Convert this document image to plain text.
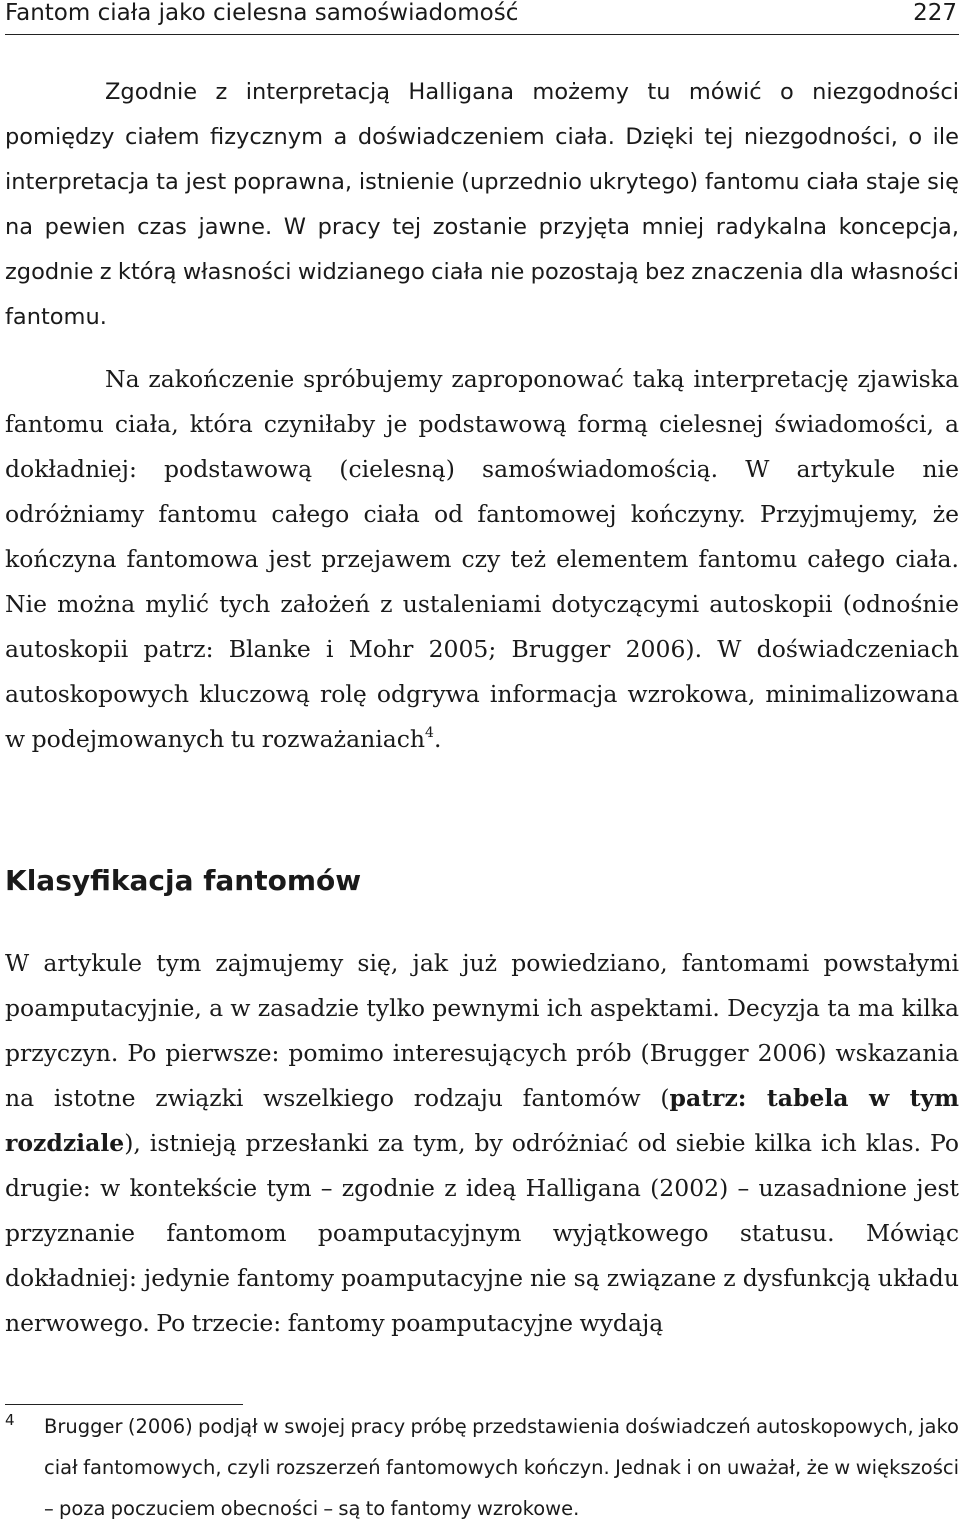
Fantom ciała jako cielesna samoświadomość	227

Zgodnie z interpretacją Halligana możemy tu mówić o niezgodności pomiędzy ciałem fizycznym a doświadczeniem ciała. Dzięki tej niezgodności, o ile interpretacja ta jest poprawna, istnienie (uprzednio ukrytego) fantomu ciała staje się na pewien czas jawne. W pracy tej zostanie przyjęta mniej radykalna koncepcja, zgodnie z którą własności widzianego ciała nie pozostają bez znaczenia dla własności fantomu.

Na zakończenie spróbujemy zaproponować taką interpretację zjawiska fantomu ciała, która czyniłaby je podstawową formą cielesnej świadomości, a dokładniej: podstawową (cielesną) samoświadomością. W artykule nie odróżniamy fantomu całego ciała od fantomowej kończyny. Przyjmujemy, że kończyna fantomowa jest przejawem czy też elementem fantomu całego ciała. Nie można mylić tych założeń z ustaleniami dotyczącymi autoskopii (odnośnie autoskopii patrz: Blanke i Mohr 2005; Brugger 2006). W doświadczeniach autoskopowych kluczową rolę odgrywa informacja wzrokowa, minimalizowana w podejmowanych tu rozważaniach$^4$.

Klasyfikacja fantomów

W artykule tym zajmujemy się, jak już powiedziano, fantomami powstałymi poamputacyjnie, a w zasadzie tylko pewnymi ich aspektami. Decyzja ta ma kilka przyczyn. Po pierwsze: pomimo interesujących prób (Brugger 2006) wskazania na istotne związki wszelkiego rodzaju fantomów (patrz: tabela w tym rozdziale), istnieją przesłanki za tym, by odróżniać od siebie kilka ich klas. Po drugie: w kontekście tym – zgodnie z ideą Halligana (2002) – uzasadnione jest przyznanie fantomom poamputacyjnym wyjątkowego statusu. Mówiąc dokładniej: jedynie fantomy poamputacyjne nie są związane z dysfunkcją układu nerwowego. Po trzecie: fantomy poamputacyjne wydają

4 Brugger (2006) podjął w swojej pracy próbę przedstawienia doświadczeń autoskopowych, jako ciał fantomowych, czyli rozszerzeń fantomowych kończyn. Jednak i on uważał, że w większości – poza poczuciem obecności – są to fantomy wzrokowe.
